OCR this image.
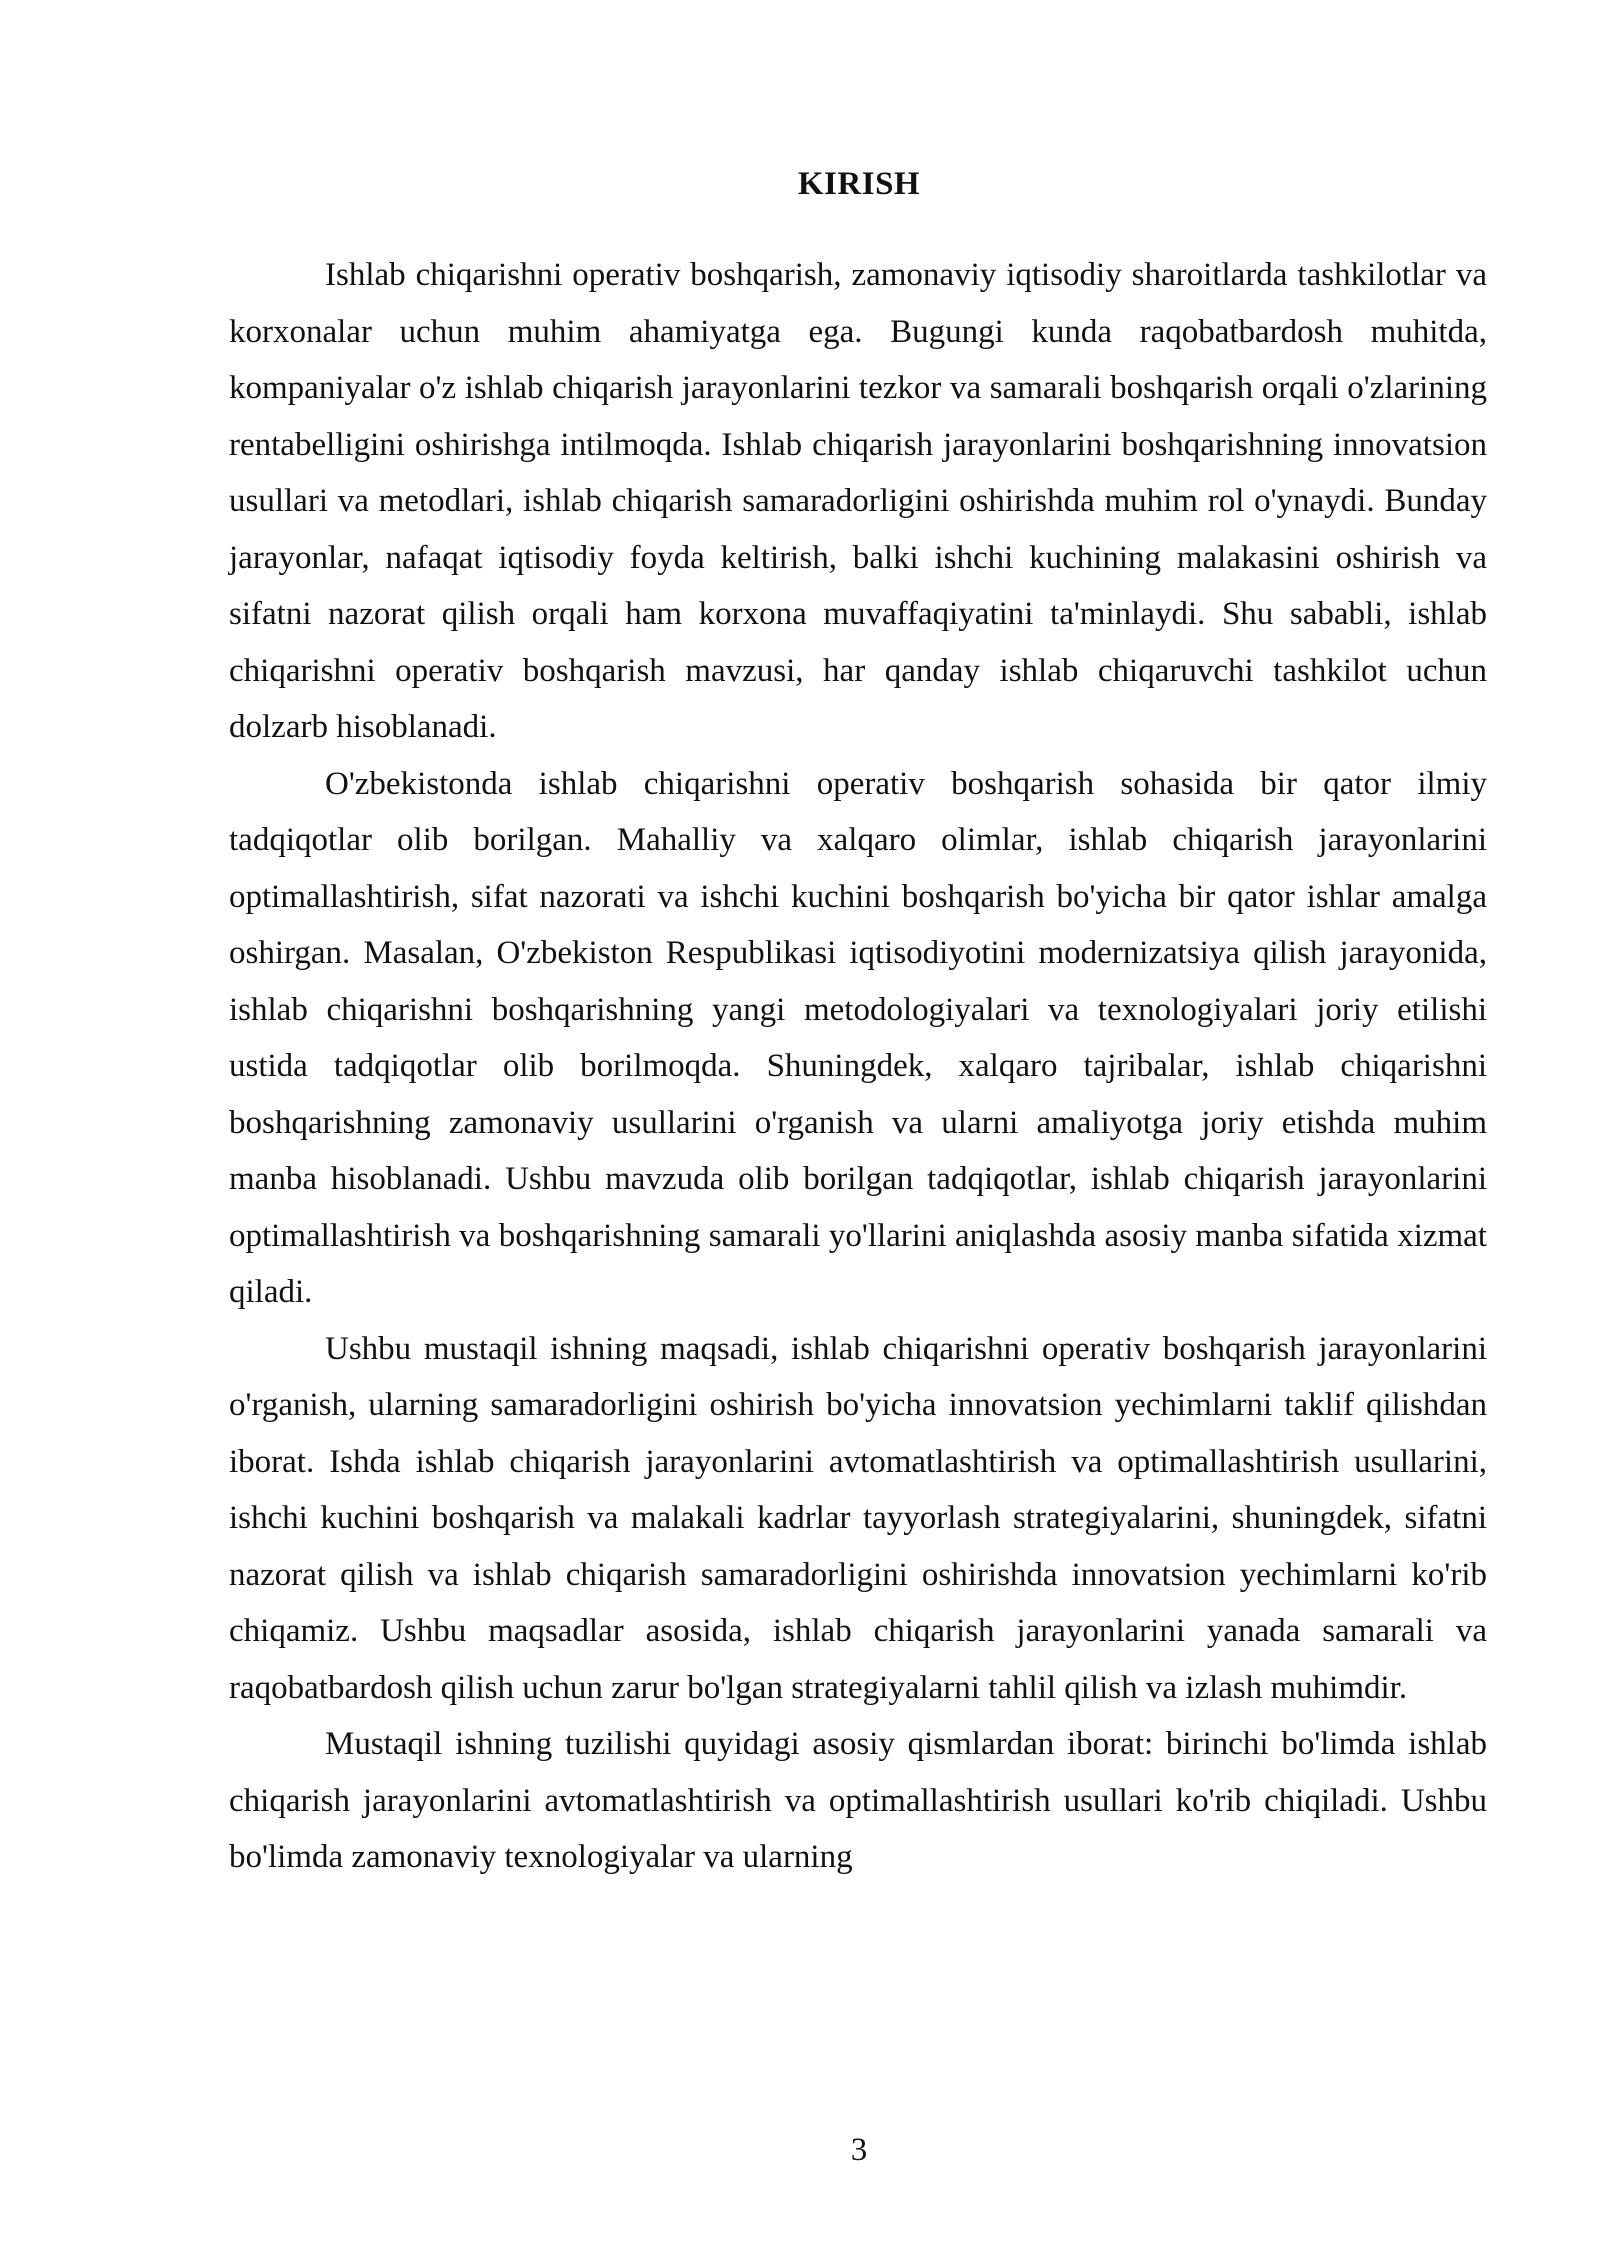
KIRISH

Ishlab chiqarishni operativ boshqarish, zamonaviy iqtisodiy sharoitlarda tashkilotlar va korxonalar uchun muhim ahamiyatga ega. Bugungi kunda raqobatbardosh muhitda, kompaniyalar o'z ishlab chiqarish jarayonlarini tezkor va samarali boshqarish orqali o'zlarining rentabelligini oshirishga intilmoqda. Ishlab chiqarish jarayonlarini boshqarishning innovatsion usullari va metodlari, ishlab chiqarish samaradorligini oshirishda muhim rol o'ynaydi. Bunday jarayonlar, nafaqat iqtisodiy foyda keltirish, balki ishchi kuchining malakasini oshirish va sifatni nazorat qilish orqali ham korxona muvaffaqiyatini ta'minlaydi. Shu sababli, ishlab chiqarishni operativ boshqarish mavzusi, har qanday ishlab chiqaruvchi tashkilot uchun dolzarb hisoblanadi.

O'zbekistonda ishlab chiqarishni operativ boshqarish sohasida bir qator ilmiy tadqiqotlar olib borilgan. Mahalliy va xalqaro olimlar, ishlab chiqarish jarayonlarini optimallashtirish, sifat nazorati va ishchi kuchini boshqarish bo'yicha bir qator ishlar amalga oshirgan. Masalan, O'zbekiston Respublikasi iqtisodiyotini modernizatsiya qilish jarayonida, ishlab chiqarishni boshqarishning yangi metodologiyalari va texnologiyalari joriy etilishi ustida tadqiqotlar olib borilmoqda. Shuningdek, xalqaro tajribalar, ishlab chiqarishni boshqarishning zamonaviy usullarini o'rganish va ularni amaliyotga joriy etishda muhim manba hisoblanadi. Ushbu mavzuda olib borilgan tadqiqotlar, ishlab chiqarish jarayonlarini optimallashtirish va boshqarishning samarali yo'llarini aniqlashda asosiy manba sifatida xizmat qiladi.

Ushbu mustaqil ishning maqsadi, ishlab chiqarishni operativ boshqarish jarayonlarini o'rganish, ularning samaradorligini oshirish bo'yicha innovatsion yechimlarni taklif qilishdan iborat. Ishda ishlab chiqarish jarayonlarini avtomatlashtirish va optimallashtirish usullarini, ishchi kuchini boshqarish va malakali kadrlar tayyorlash strategiyalarini, shuningdek, sifatni nazorat qilish va ishlab chiqarish samaradorligini oshirishda innovatsion yechimlarni ko'rib chiqamiz. Ushbu maqsadlar asosida, ishlab chiqarish jarayonlarini yanada samarali va raqobatbardosh qilish uchun zarur bo'lgan strategiyalarni tahlil qilish va izlash muhimdir.

Mustaqil ishning tuzilishi quyidagi asosiy qismlardan iborat: birinchi bo'limda ishlab chiqarish jarayonlarini avtomatlashtirish va optimallashtirish usullari ko'rib chiqiladi. Ushbu bo'limda zamonaviy texnologiyalar va ularning

3
